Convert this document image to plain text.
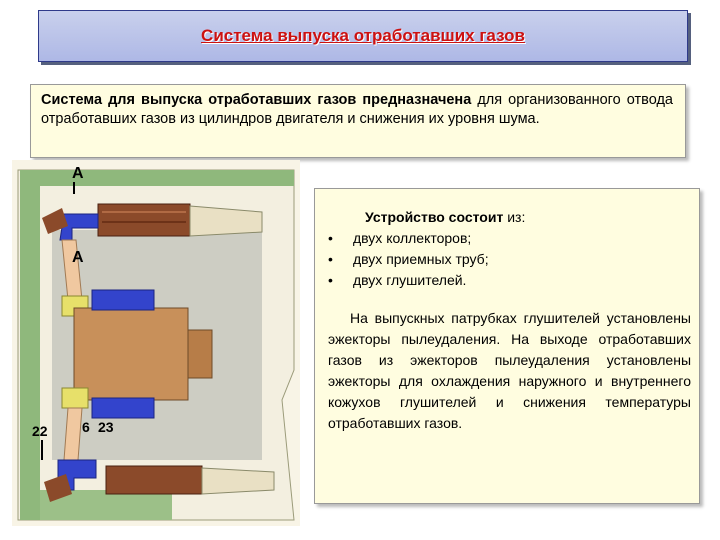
Система выпуска отработавших газов
Система для выпуска отработавших газов предназначена для организованного отвода отработавших газов из цилиндров двигателя и снижения их уровня шума.
А
А
22 6 23
Устройство состоит из:
• двух коллекторов;
• двух приемных труб;
• двух глушителей.
На выпускных патрубках глушителей установлены эжекторы пылеудаления. На выходе отработавших газов из эжекторов пылеудаления установлены эжекторы для охлаждения наружного и внутреннего кожухов глушителей и снижения температуры отработавших газов.
